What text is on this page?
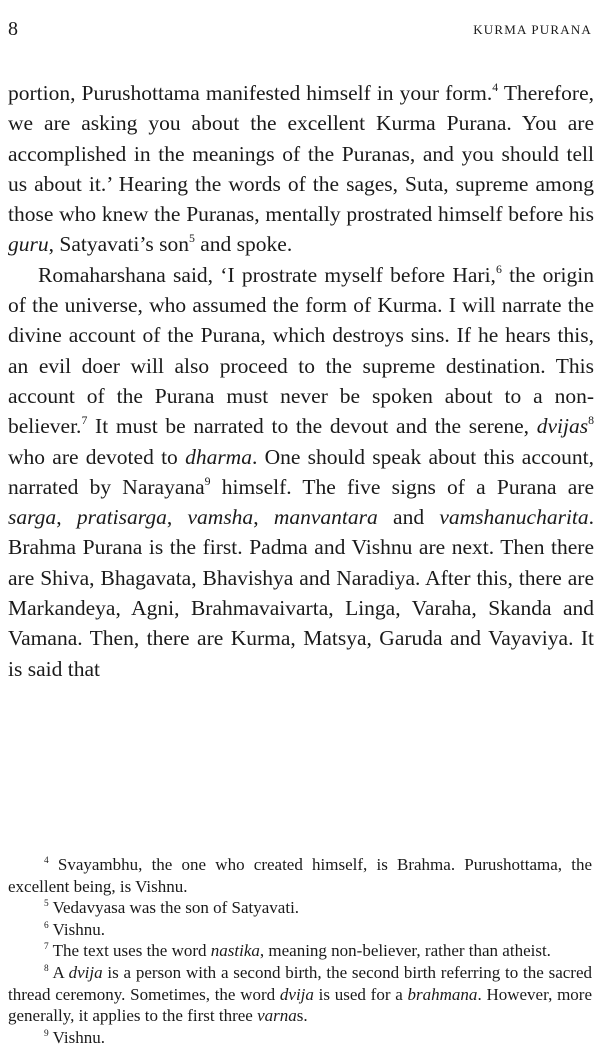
8	KURMA PURANA

portion, Purushottama manifested himself in your form.$^4$ Therefore, we are asking you about the excellent Kurma Purana. You are accomplished in the meanings of the Puranas, and you should tell us about it.’ Hearing the words of the sages, Suta, supreme among those who knew the Puranas, mentally prostrated himself before his guru, Satyavati’s son$^5$ and spoke.

Romaharshana said, ‘I prostrate myself before Hari,$^6$ the origin of the universe, who assumed the form of Kurma. I will narrate the divine account of the Purana, which destroys sins. If he hears this, an evil doer will also proceed to the supreme destination. This account of the Purana must never be spoken about to a non-believer.$^7$ It must be narrated to the devout and the serene, dvijas$^8$ who are devoted to dharma. One should speak about this account, narrated by Narayana$^9$ himself. The five signs of a Purana are sarga, pratisarga, vamsha, manvantara and vamshanucharita. Brahma Purana is the first. Padma and Vishnu are next. Then there are Shiva, Bhagavata, Bhavishya and Naradiya. After this, there are Markandeya, Agni, Brahmavaivarta, Linga, Varaha, Skanda and Vamana. Then, there are Kurma, Matsya, Garuda and Vayaviya. It is said that

$^4$ Svayambhu, the one who created himself, is Brahma. Purushottama, the excellent being, is Vishnu.

$^5$ Vedavyasa was the son of Satyavati.

$^6$ Vishnu.

$^7$ The text uses the word nastika, meaning non-believer, rather than atheist.

$^8$ A dvija is a person with a second birth, the second birth referring to the sacred thread ceremony. Sometimes, the word dvija is used for a brahmana. However, more generally, it applies to the first three varnas.

$^9$ Vishnu.
